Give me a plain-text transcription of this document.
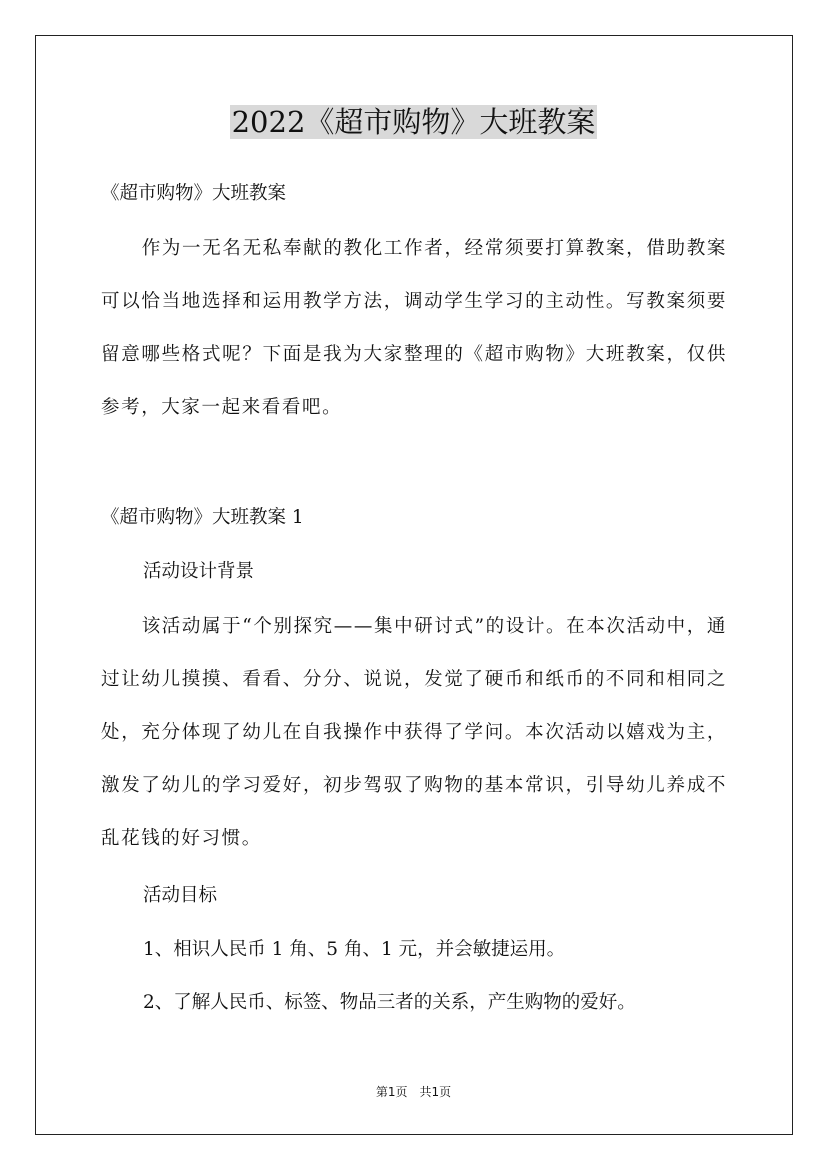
2022《超市购物》大班教案

《超市购物》大班教案

作为一无名无私奉献的教化工作者，经常须要打算教案，借助教案可以恰当地选择和运用教学方法，调动学生学习的主动性。写教案须要留意哪些格式呢？下面是我为大家整理的《超市购物》大班教案，仅供参考，大家一起来看看吧。

《超市购物》大班教案 1

活动设计背景

该活动属于“个别探究——集中研讨式”的设计。在本次活动中，通过让幼儿摸摸、看看、分分、说说，发觉了硬币和纸币的不同和相同之处，充分体现了幼儿在自我操作中获得了学问。本次活动以嬉戏为主，激发了幼儿的学习爱好，初步驾驭了购物的基本常识，引导幼儿养成不乱花钱的好习惯。

活动目标

1、相识人民币 1 角、5 角、1 元，并会敏捷运用。

2、了解人民币、标签、物品三者的关系，产生购物的爱好。

第1页　共1页
